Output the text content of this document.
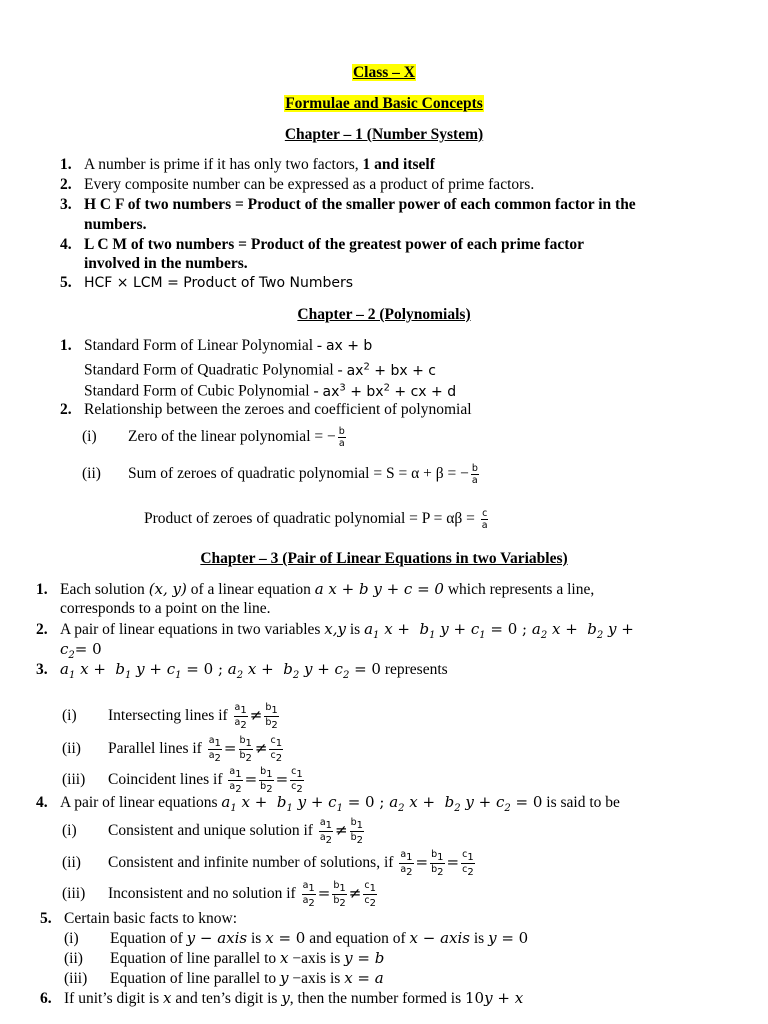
Class – X
Formulae and Basic Concepts
Chapter – 1 (Number System)
1. A number is prime if it has only two factors, 1 and itself
2. Every composite number can be expressed as a product of prime factors.
3. H C F of two numbers = Product of the smaller power of each common factor in the
numbers.
4. L C M of two numbers = Product of the greatest power of each prime factor
involved in the numbers.
5. HCF × LCM = Product of Two Numbers
Chapter – 2 (Polynomials)
1. Standard Form of Linear Polynomial - ax + b
Standard Form of Quadratic Polynomial - $ax^2$ + bx + c
Standard Form of Cubic Polynomial - $ax^3 + bx^2$ + cx + d
2. Relationship between the zeroes and coefficient of polynomial
(i) Zero of the linear polynomial = − $\frac{b}{a}$
(ii) Sum of zeroes of quadratic polynomial = S = α + β = − $\frac{b}{a}$
Product of zeroes of quadratic polynomial = $P = \alpha\beta = \frac{c}{a}$
Chapter – 3 (Pair of Linear Equations in two Variables)
1. Each solution (x, y) of a linear equation a x + b y + c = 0 which represents a line,
corresponds to a point on the line.
2. A pair of linear equations in two variables x,y is $a_1$ $x + b_1$ $y + c_1 = 0$ ; $a_2$ $x + b_2$ y +
$c_2= 0$
3. $a_1$ $x + b_1$ $y + c_1 = 0$ ; $a_2$ $x + b_2$ $y + c_2 = 0$ represents
(i) Intersecting lines if $\frac{a_1}{a_2} \ne \frac{b_1}{b_2}$
(ii) Parallel lines if $\frac{a_1}{a_2} = \frac{b_1}{b_2} \ne \frac{c_1}{c_2}$
(iii) Coincident lines if $\frac{a_1}{a_2} = \frac{b_1}{b_2} = \frac{c_1}{c_2}$
4. A pair of linear equations $a_1$ $x + b_1$ $y + c_1 = 0$ ; $a_2$ $x + b_2$ $y + c_2 = 0$ is said to be
(i) Consistent and unique solution if $\frac{a_1}{a_2} \ne \frac{b_1}{b_2}$
(ii) Consistent and infinite number of solutions, if $\frac{a_1}{a_2} = \frac{b_1}{b_2} = \frac{c_1}{c_2}$
(iii) Inconsistent and no solution if $\frac{a_1}{a_2} = \frac{b_1}{b_2} \ne \frac{c_1}{c_2}$
5. Certain basic facts to know:
(i) Equation of y − axis is x = 0 and equation of x − axis is y = 0
(ii) Equation of line parallel to x −axis is y = b
(iii) Equation of line parallel to y −axis is x = a
6. If unit’s digit is x and ten’s digit is y, then the number formed is 10y + x
